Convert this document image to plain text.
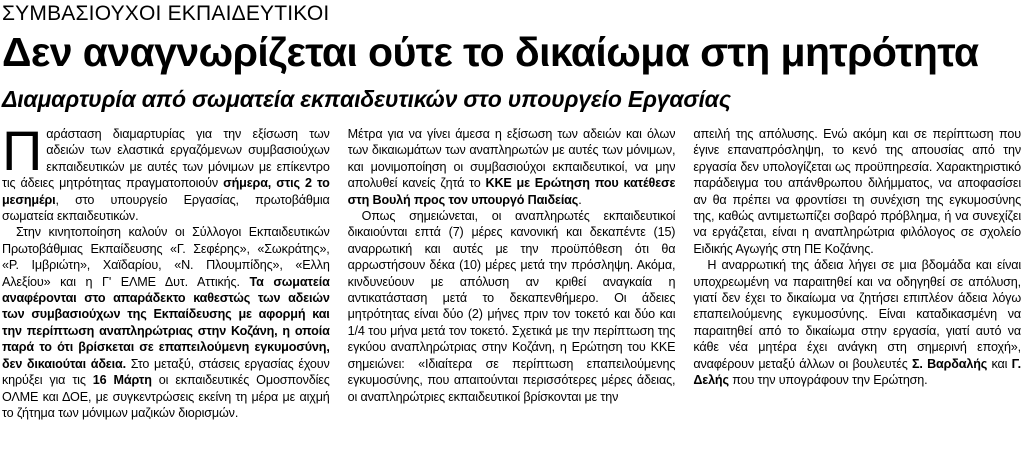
ΣΥΜΒΑΣΙΟΥΧΟΙ ΕΚΠΑΙΔΕΥΤΙΚΟΙ
Δεν αναγνωρίζεται ούτε το δικαίωμα στη μητρότητα
Διαμαρτυρία από σωματεία εκπαιδευτικών στο υπουργείο Εργασίας

Παράσταση διαμαρτυρίας για την εξίσωση των αδειών των ελαστικά εργαζόμενων συμβασιούχων εκπαιδευτικών με αυτές των μόνιμων με επίκεντρο τις άδειες μητρότητας πραγματοποιούν σήμερα, στις 2 το μεσημέρι, στο υπουργείο Εργασίας, πρωτοβάθμια σωματεία εκπαιδευτικών.

Στην κινητοποίηση καλούν οι Σύλλογοι Εκπαιδευτικών Πρωτοβάθμιας Εκπαίδευσης «Γ. Σεφέρης», «Σωκράτης», «Ρ. Ιμβριώτη», Χαϊδαρίου, «Ν. Πλουμπίδης», «Ελλη Αλεξίου» και η Γ' ΕΛΜΕ Δυτ. Αττικής. Τα σωματεία αναφέρονται στο απαράδεκτο καθεστώς των αδειών των συμβασιούχων της Εκπαίδευσης με αφορμή και την περίπτωση αναπληρώτριας στην Κοζάνη, η οποία παρά το ότι βρίσκεται σε επαπειλούμενη εγκυμοσύνη, δεν δικαιούται άδεια. Στο μεταξύ, στάσεις εργασίας έχουν κηρύξει για τις 16 Μάρτη οι εκπαιδευτικές Ομοσπονδίες ΟΛΜΕ και ΔΟΕ, με συγκεντρώσεις εκείνη τη μέρα με αιχμή το ζήτημα των μόνιμων μαζικών διορισμών.

Μέτρα για να γίνει άμεσα η εξίσωση των αδειών και όλων των δικαιωμάτων των αναπληρωτών με αυτές των μόνιμων, και μονιμοποίηση οι συμβασιούχοι εκπαιδευτικοί, να μην απολυθεί κανείς ζητά το ΚΚΕ με Ερώτηση που κατέθεσε στη Βουλή προς τον υπουργό Παιδείας.

Οπως σημειώνεται, οι αναπληρωτές εκπαιδευτικοί δικαιούνται επτά (7) μέρες κανονική και δεκαπέντε (15) αναρρωτική και αυτές με την προϋπόθεση ότι θα αρρωστήσουν δέκα (10) μέρες μετά την πρόσληψη. Ακόμα, κινδυνεύουν με απόλυση αν κριθεί αναγκαία η αντικατάσταση μετά το δεκαπενθήμερο. Οι άδειες μητρότητας είναι δύο (2) μήνες πριν τον τοκετό και δύο και 1/4 του μήνα μετά τον τοκετό. Σχετικά με την περίπτωση της εγκύου αναπληρώτριας στην Κοζάνη, η Ερώτηση του ΚΚΕ σημειώνει: «Ιδιαίτερα σε περίπτωση επαπειλούμενης εγκυμοσύνης, που απαιτούνται περισσότερες μέρες άδειας, οι αναπληρώτριες εκπαιδευτικοί βρίσκονται με την

απειλή της απόλυσης. Ενώ ακόμη και σε περίπτωση που έγινε επαναπρόσληψη, το κενό της απουσίας από την εργασία δεν υπολογίζεται ως προϋπηρεσία. Χαρακτηριστικό παράδειγμα του απάνθρωπου διλήμματος, να αποφασίσει αν θα πρέπει να φροντίσει τη συνέχιση της εγκυμοσύνης της, καθώς αντιμετωπίζει σοβαρό πρόβλημα, ή να συνεχίζει να εργάζεται, είναι η αναπληρώτρια φιλόλογος σε σχολείο Ειδικής Αγωγής στη ΠΕ Κοζάνης.

Η αναρρωτική της άδεια λήγει σε μια βδομάδα και είναι υποχρεωμένη να παραιτηθεί και να οδηγηθεί σε απόλυση, γιατί δεν έχει το δικαίωμα να ζητήσει επιπλέον άδεια λόγω επαπειλούμενης εγκυμοσύνης. Είναι καταδικασμένη να παραιτηθεί από το δικαίωμα στην εργασία, γιατί αυτό να κάθε νέα μητέρα έχει ανάγκη στη σημερινή εποχή», αναφέρουν μεταξύ άλλων οι βουλευτές Σ. Βαρδαλής και Γ. Δελής που την υπογράφουν την Ερώτηση.
